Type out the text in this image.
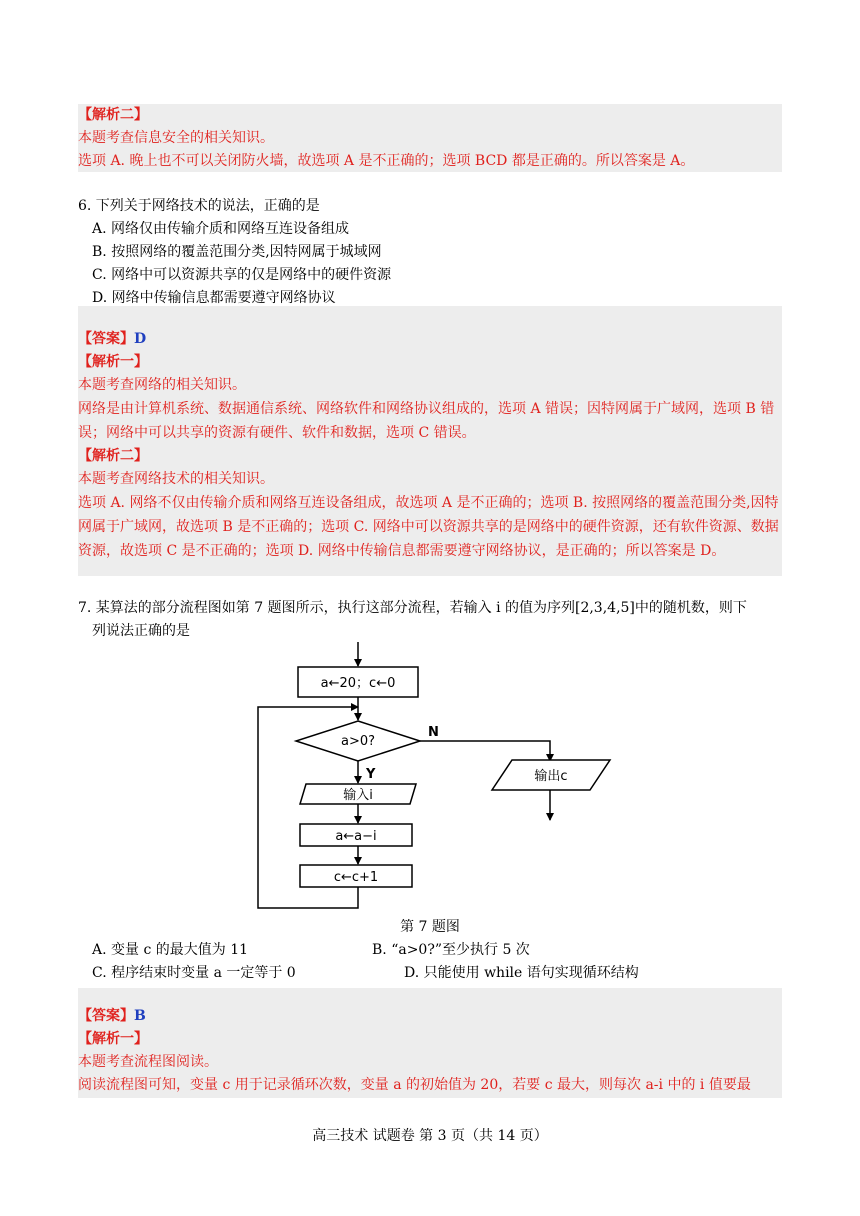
【解析二】
本题考查信息安全的相关知识。
选项 A. 晚上也不可以关闭防火墙，故选项 A 是不正确的；选项 BCD 都是正确的。所以答案是 A。
6. 下列关于网络技术的说法，正确的是
A. 网络仅由传输介质和网络互连设备组成
B. 按照网络的覆盖范围分类,因特网属于城域网
C. 网络中可以资源共享的仅是网络中的硬件资源
D. 网络中传输信息都需要遵守网络协议
【答案】D
【解析一】
本题考查网络的相关知识。
网络是由计算机系统、数据通信系统、网络软件和网络协议组成的，选项 A 错误；因特网属于广域网，选项 B 错误；网络中可以共享的资源有硬件、软件和数据，选项 C 错误。
【解析二】
本题考查网络技术的相关知识。
选项 A. 网络不仅由传输介质和网络互连设备组成，故选项 A 是不正确的；选项 B. 按照网络的覆盖范围分类,因特网属于广域网，故选项 B 是不正确的；选项 C. 网络中可以资源共享的是网络中的硬件资源，还有软件资源、数据资源，故选项 C 是不正确的；选项 D. 网络中传输信息都需要遵守网络协议，是正确的；所以答案是 D。
7. 某算法的部分流程图如第 7 题图所示，执行这部分流程，若输入 i 的值为序列[2,3,4,5]中的随机数，则下
列说法正确的是
a←20；c←0
a>0?
N
输出c
Y
输入i
a←a−i
c←c+1
第 7 题图
A. 变量 c 的最大值为 11	B. “a>0?”至少执行 5 次
C. 程序结束时变量 a 一定等于 0	D. 只能使用 while 语句实现循环结构
【答案】B
【解析一】
本题考查流程图阅读。
阅读流程图可知，变量 c 用于记录循环次数，变量 a 的初始值为 20，若要 c 最大，则每次 a-i 中的 i 值要最
高三技术 试题卷 第 3 页（共 14 页）
